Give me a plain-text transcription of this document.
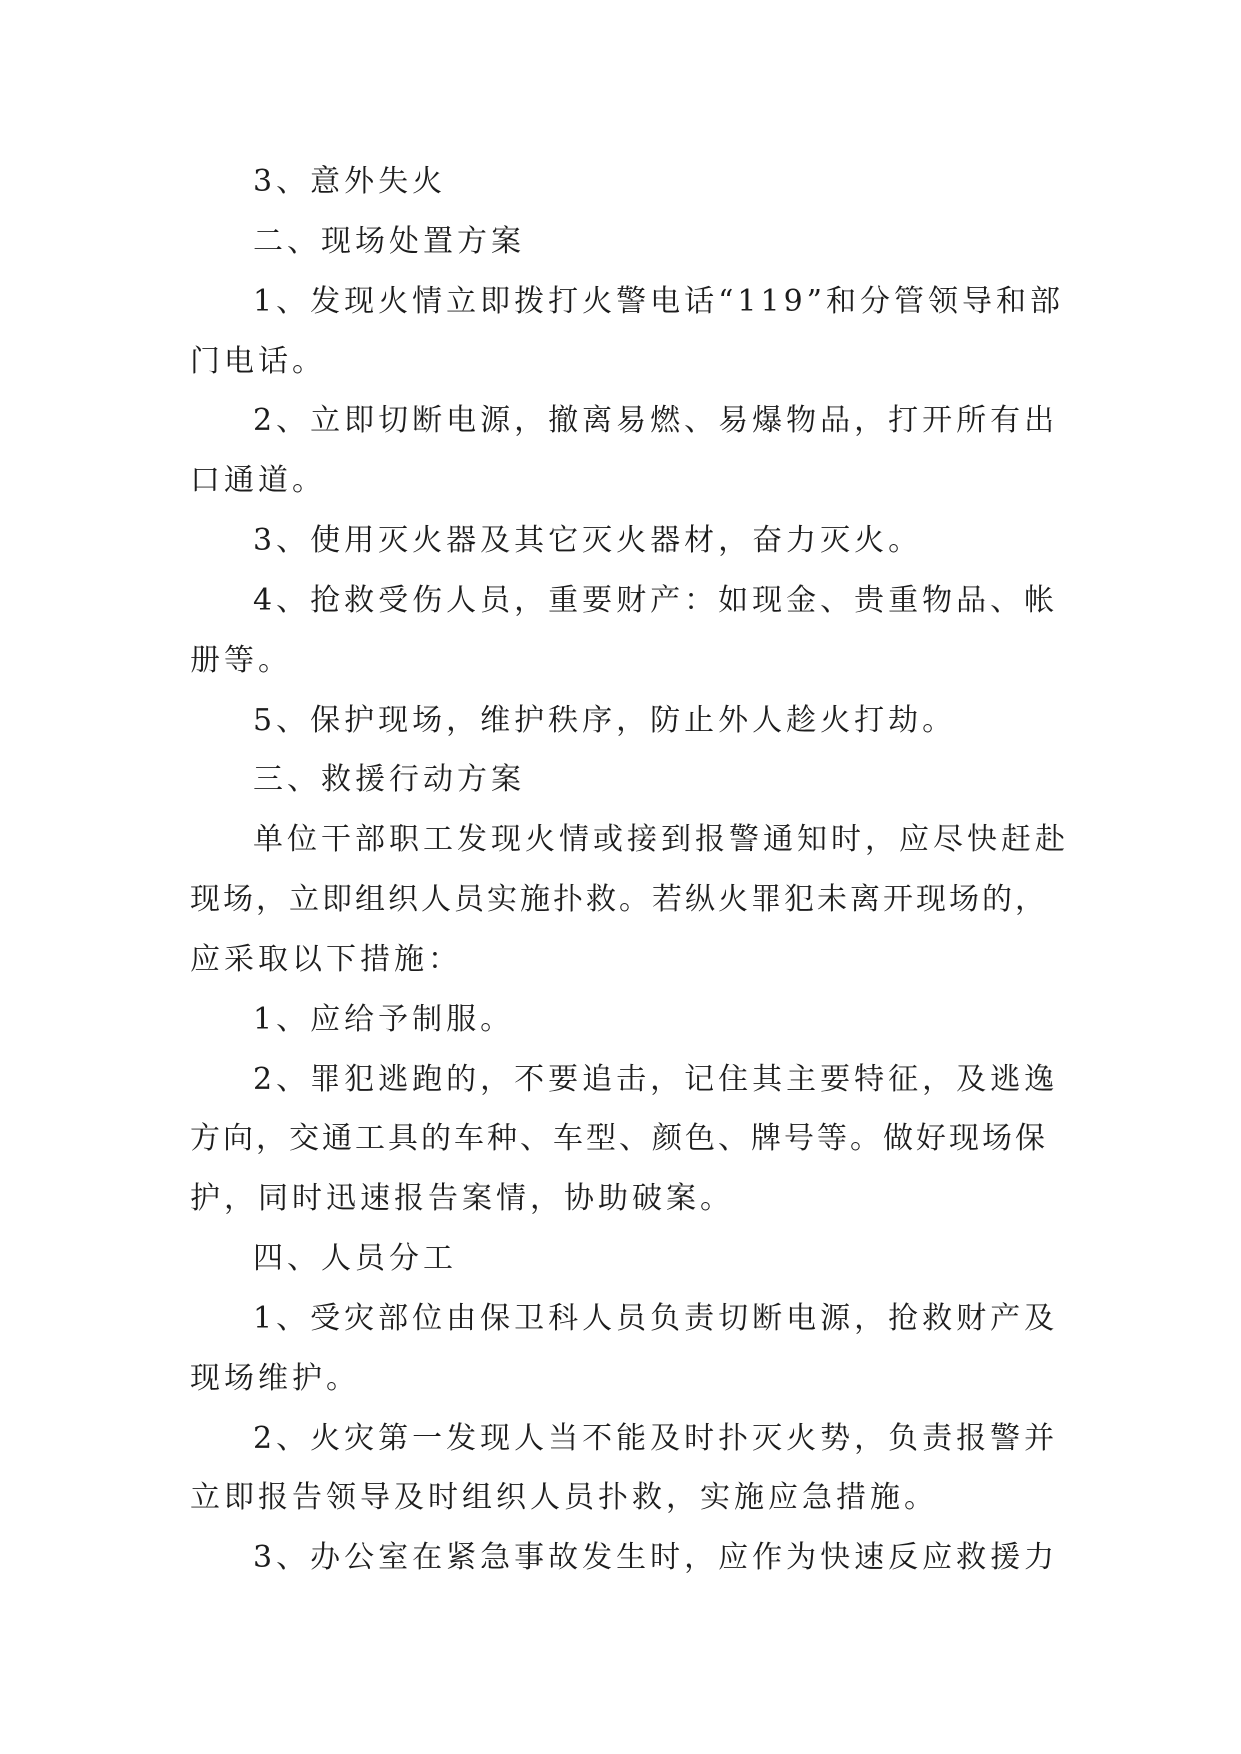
3、意外失火
二、现场处置方案
1、发现火情立即拨打火警电话“119”和分管领导和部
门电话。
2、立即切断电源，撤离易燃、易爆物品，打开所有出
口通道。
3、使用灭火器及其它灭火器材，奋力灭火。
4、抢救受伤人员，重要财产：如现金、贵重物品、帐
册等。
5、保护现场，维护秩序，防止外人趁火打劫。
三、救援行动方案
单位干部职工发现火情或接到报警通知时，应尽快赶赴
现场，立即组织人员实施扑救。若纵火罪犯未离开现场的，
应采取以下措施：
1、应给予制服。
2、罪犯逃跑的，不要追击，记住其主要特征，及逃逸
方向，交通工具的车种、车型、颜色、牌号等。做好现场保
护，同时迅速报告案情，协助破案。
四、人员分工
1、受灾部位由保卫科人员负责切断电源，抢救财产及
现场维护。
2、火灾第一发现人当不能及时扑灭火势，负责报警并
立即报告领导及时组织人员扑救，实施应急措施。
3、办公室在紧急事故发生时，应作为快速反应救援力
